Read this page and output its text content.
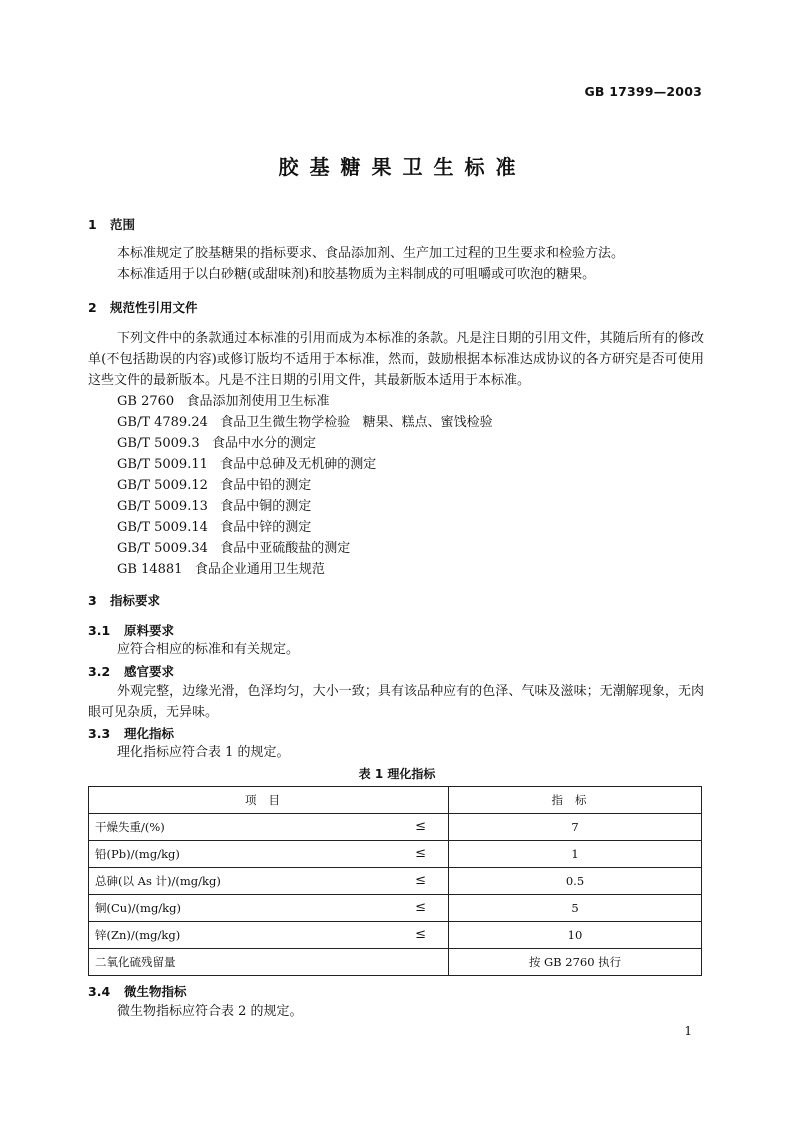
GB 17399—2003
胶基糖果卫生标准
1 范围
本标准规定了胶基糖果的指标要求、食品添加剂、生产加工过程的卫生要求和检验方法。
本标准适用于以白砂糖(或甜味剂)和胶基物质为主料制成的可咀嚼或可吹泡的糖果。
2 规范性引用文件
下列文件中的条款通过本标准的引用而成为本标准的条款。凡是注日期的引用文件，其随后所有的修改单(不包括勘误的内容)或修订版均不适用于本标准，然而，鼓励根据本标准达成协议的各方研究是否可使用这些文件的最新版本。凡是不注日期的引用文件，其最新版本适用于本标准。
GB 2760   食品添加剂使用卫生标准
GB/T 4789.24   食品卫生微生物学检验   糖果、糕点、蜜饯检验
GB/T 5009.3   食品中水分的测定
GB/T 5009.11   食品中总砷及无机砷的测定
GB/T 5009.12   食品中铅的测定
GB/T 5009.13   食品中铜的测定
GB/T 5009.14   食品中锌的测定
GB/T 5009.34   食品中亚硫酸盐的测定
GB 14881   食品企业通用卫生规范
3 指标要求
3.1 原料要求
应符合相应的标准和有关规定。
3.2 感官要求
外观完整，边缘光滑，色泽均匀，大小一致；具有该品种应有的色泽、气味及滋味；无潮解现象，无肉眼可见杂质，无异味。
3.3 理化指标
理化指标应符合表 1 的规定。
表 1 理化指标
项目	指标
干燥失重/(%) ≤	7
铅(Pb)/(mg/kg) ≤	1
总砷(以 As 计)/(mg/kg) ≤	0.5
铜(Cu)/(mg/kg) ≤	5
锌(Zn)/(mg/kg) ≤	10
二氧化硫残留量	按 GB 2760 执行
3.4 微生物指标
微生物指标应符合表 2 的规定。
1
